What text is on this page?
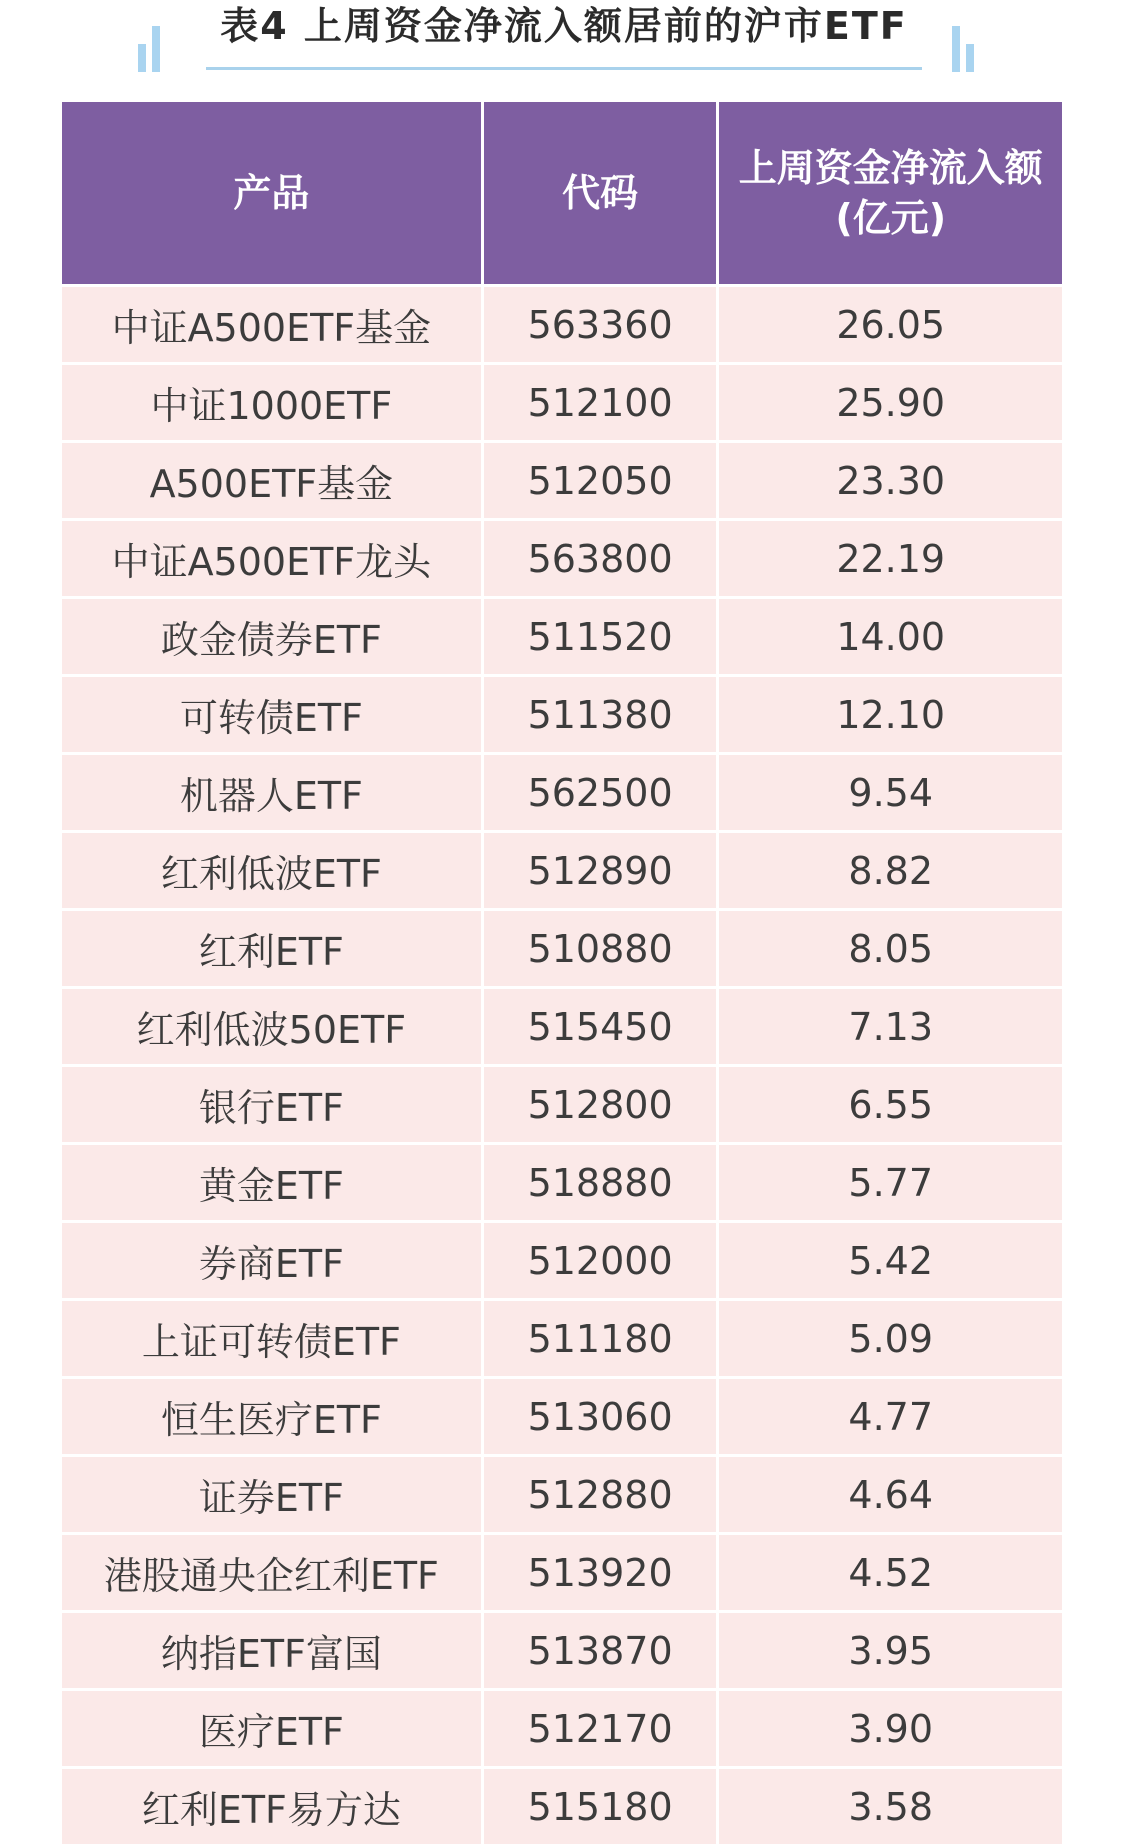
表4 上周资金净流入额居前的沪市ETF
产品	代码	上周资金净流入额
(亿元)

中证A500ETF基金	563360	26.05
中证1000ETF	512100	25.90
A500ETF基金	512050	23.30
中证A500ETF龙头	563800	22.19
政金债券ETF	511520	14.00
可转债ETF	511380	12.10
机器人ETF	562500	9.54
红利低波ETF	512890	8.82
红利ETF	510880	8.05
红利低波50ETF	515450	7.13
银行ETF	512800	6.55
黄金ETF	518880	5.77
券商ETF	512000	5.42
上证可转债ETF	511180	5.09
恒生医疗ETF	513060	4.77
证券ETF	512880	4.64
港股通央企红利ETF	513920	4.52
纳指ETF富国	513870	3.95
医疗ETF	512170	3.90
红利ETF易方达	515180	3.58
